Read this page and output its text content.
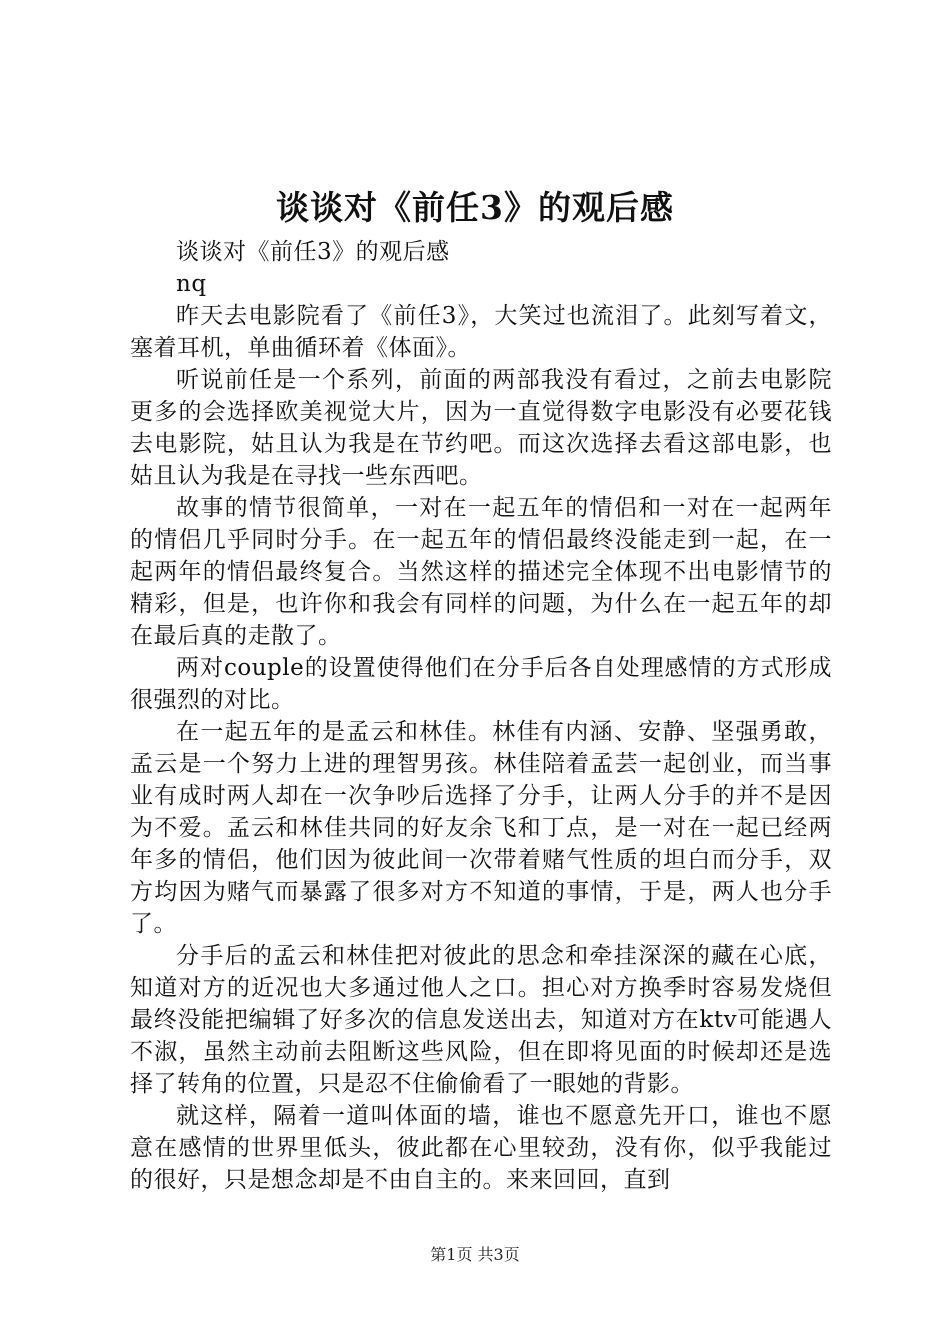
谈谈对《前任3》的观后感

谈谈对《前任3》的观后感

nq

昨天去电影院看了《前任3》，大笑过也流泪了。此刻写着文，塞着耳机，单曲循环着《体面》。

听说前任是一个系列，前面的两部我没有看过，之前去电影院更多的会选择欧美视觉大片，因为一直觉得数字电影没有必要花钱去电影院，姑且认为我是在节约吧。而这次选择去看这部电影，也姑且认为我是在寻找一些东西吧。

故事的情节很简单，一对在一起五年的情侣和一对在一起两年的情侣几乎同时分手。在一起五年的情侣最终没能走到一起，在一起两年的情侣最终复合。当然这样的描述完全体现不出电影情节的精彩，但是，也许你和我会有同样的问题，为什么在一起五年的却在最后真的走散了。

两对couple的设置使得他们在分手后各自处理感情的方式形成很强烈的对比。

在一起五年的是孟云和林佳。林佳有内涵、安静、坚强勇敢，孟云是一个努力上进的理智男孩。林佳陪着孟芸一起创业，而当事业有成时两人却在一次争吵后选择了分手，让两人分手的并不是因为不爱。孟云和林佳共同的好友余飞和丁点，是一对在一起已经两年多的情侣，他们因为彼此间一次带着赌气性质的坦白而分手，双方均因为赌气而暴露了很多对方不知道的事情，于是，两人也分手了。

分手后的孟云和林佳把对彼此的思念和牵挂深深的藏在心底，知道对方的近况也大多通过他人之口。担心对方换季时容易发烧但最终没能把编辑了好多次的信息发送出去，知道对方在ktv可能遇人不淑，虽然主动前去阻断这些风险，但在即将见面的时候却还是选择了转角的位置，只是忍不住偷偷看了一眼她的背影。

就这样，隔着一道叫体面的墙，谁也不愿意先开口，谁也不愿意在感情的世界里低头，彼此都在心里较劲，没有你，似乎我能过的很好，只是想念却是不由自主的。来来回回，直到

第1页 共3页
